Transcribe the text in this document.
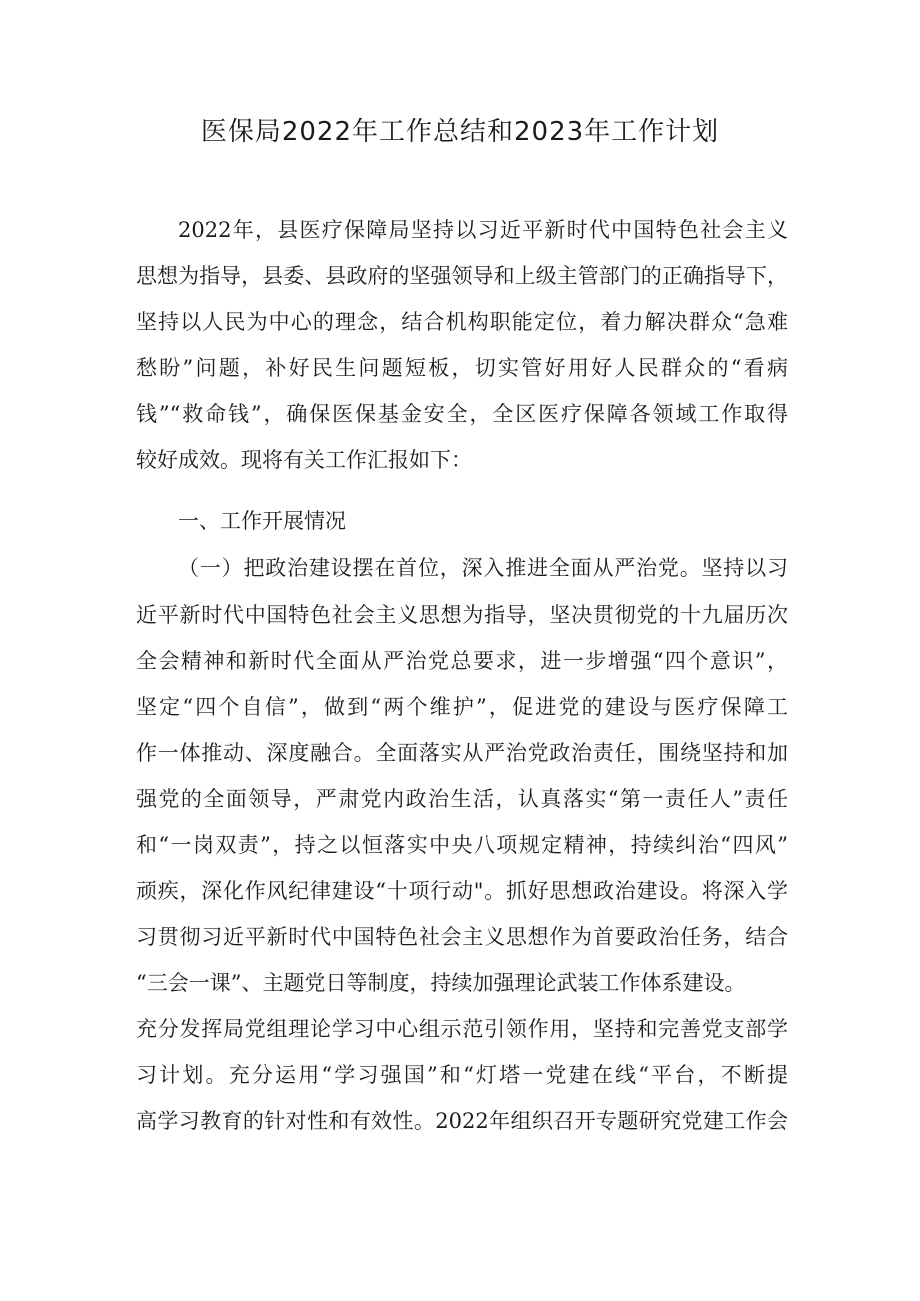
医保局2022年工作总结和2023年工作计划
2022年，县医疗保障局坚持以习近平新时代中国特色社会主义
思想为指导，县委、县政府的坚强领导和上级主管部门的正确指导下，
坚持以人民为中心的理念，结合机构职能定位，着力解决群众“急难
愁盼”问题，补好民生问题短板，切实管好用好人民群众的“看病
钱”“救命钱”，确保医保基金安全，全区医疗保障各领域工作取得
较好成效。现将有关工作汇报如下：
一、工作开展情况
（一）把政治建设摆在首位，深入推进全面从严治党。坚持以习
近平新时代中国特色社会主义思想为指导，坚决贯彻党的十九届历次
全会精神和新时代全面从严治党总要求，进一步增强“四个意识”，
坚定“四个自信”，做到“两个维护”，促进党的建设与医疗保障工
作一体推动、深度融合。全面落实从严治党政治责任，围绕坚持和加
强党的全面领导，严肃党内政治生活，认真落实“第一责任人”责任
和“一岗双责”，持之以恒落实中央八项规定精神，持续纠治“四风”
顽疾，深化作风纪律建设“十项行动"。抓好思想政治建设。将深入学
习贯彻习近平新时代中国特色社会主义思想作为首要政治任务，结合
“三会一课”、主题党日等制度，持续加强理论武装工作体系建设。
充分发挥局党组理论学习中心组示范引领作用，坚持和完善党支部学
习计划。充分运用“学习强国”和“灯塔一党建在线“平台，不断提
高学习教育的针对性和有效性。2022年组织召开专题研究党建工作会
